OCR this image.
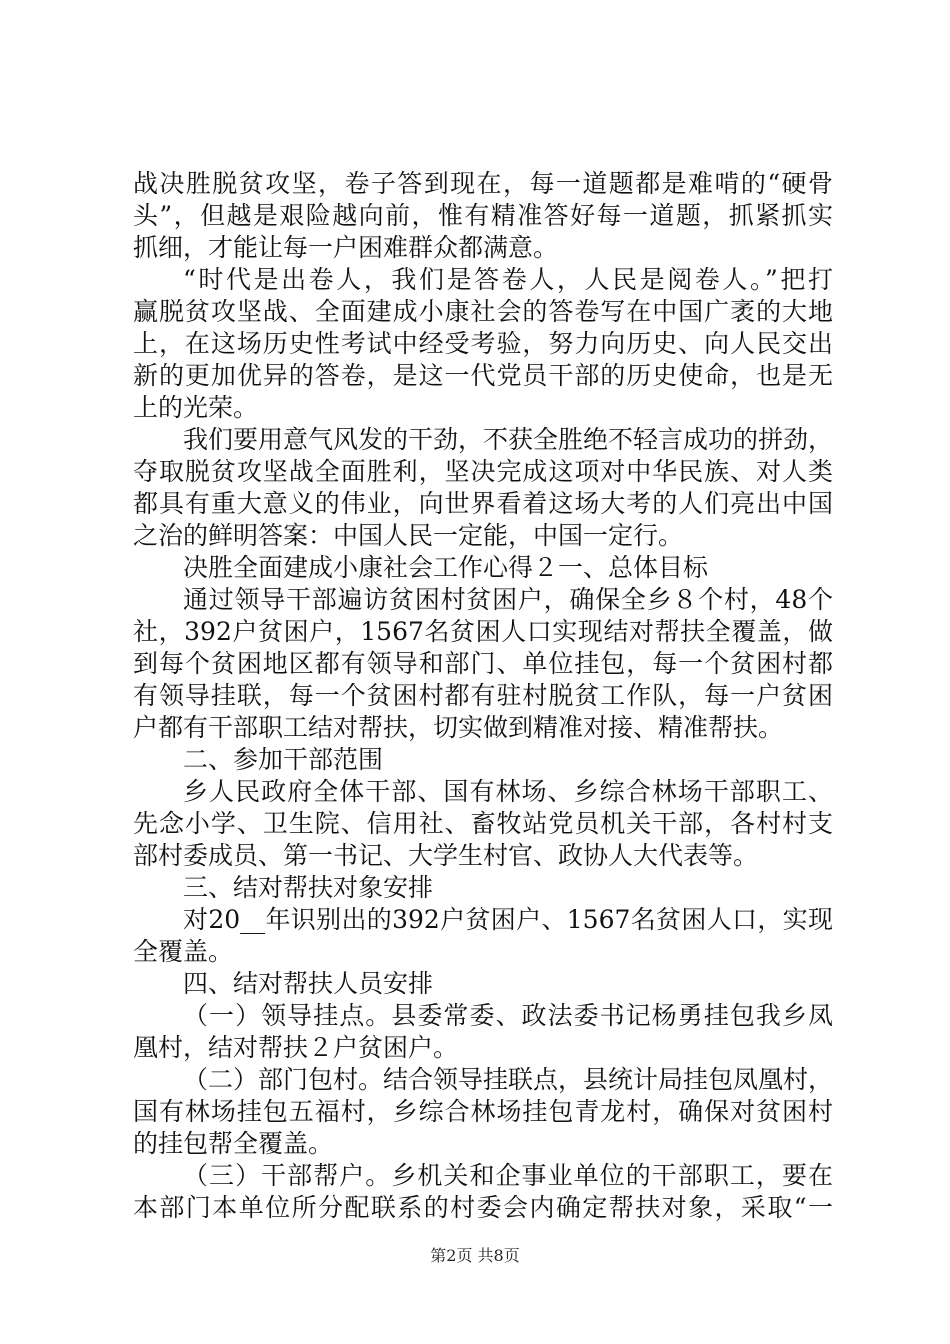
战决胜脱贫攻坚，卷子答到现在，每一道题都是难啃的“硬骨
头”，但越是艰险越向前，惟有精准答好每一道题，抓紧抓实
抓细，才能让每一户困难群众都满意。
“时代是出卷人，我们是答卷人，人民是阅卷人。”把打
赢脱贫攻坚战、全面建成小康社会的答卷写在中国广袤的大地
上，在这场历史性考试中经受考验，努力向历史、向人民交出
新的更加优异的答卷，是这一代党员干部的历史使命，也是无
上的光荣。
我们要用意气风发的干劲，不获全胜绝不轻言成功的拼劲，
夺取脱贫攻坚战全面胜利，坚决完成这项对中华民族、对人类
都具有重大意义的伟业，向世界看着这场大考的人们亮出中国
之治的鲜明答案：中国人民一定能，中国一定行。
决胜全面建成小康社会工作心得２一、总体目标
通过领导干部遍访贫困村贫困户，确保全乡８个村，48个
社，392户贫困户，1567名贫困人口实现结对帮扶全覆盖，做
到每个贫困地区都有领导和部门、单位挂包，每一个贫困村都
有领导挂联，每一个贫困村都有驻村脱贫工作队，每一户贫困
户都有干部职工结对帮扶，切实做到精准对接、精准帮扶。
二、参加干部范围
乡人民政府全体干部、国有林场、乡综合林场干部职工、
先念小学、卫生院、信用社、畜牧站党员机关干部，各村村支
部村委成员、第一书记、大学生村官、政协人大代表等。
三、结对帮扶对象安排
对20__年识别出的392户贫困户、1567名贫困人口，实现
全覆盖。
四、结对帮扶人员安排
（一）领导挂点。县委常委、政法委书记杨勇挂包我乡凤
凰村，结对帮扶２户贫困户。
（二）部门包村。结合领导挂联点，县统计局挂包凤凰村，
国有林场挂包五福村，乡综合林场挂包青龙村，确保对贫困村
的挂包帮全覆盖。
（三）干部帮户。乡机关和企事业单位的干部职工，要在
本部门本单位所分配联系的村委会内确定帮扶对象，采取“一
第2页 共8页
